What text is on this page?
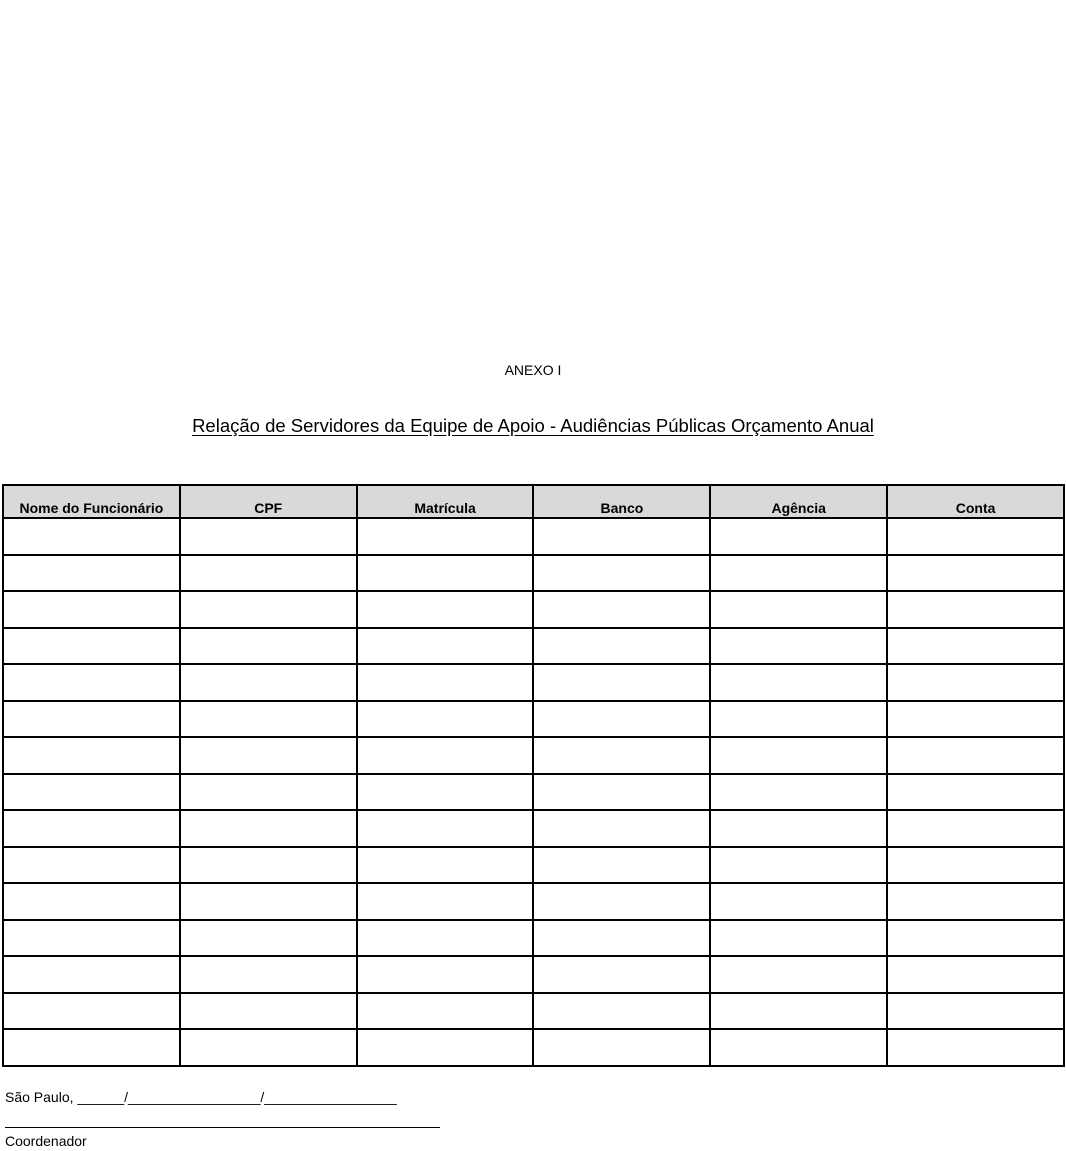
ANEXO I
Relação de Servidores da Equipe de Apoio - Audiências Públicas Orçamento Anual
Nome do Funcionário	CPF	Matrícula	Banco	Agência	Conta

São Paulo, ______/_________________/_________________
Coordenador
